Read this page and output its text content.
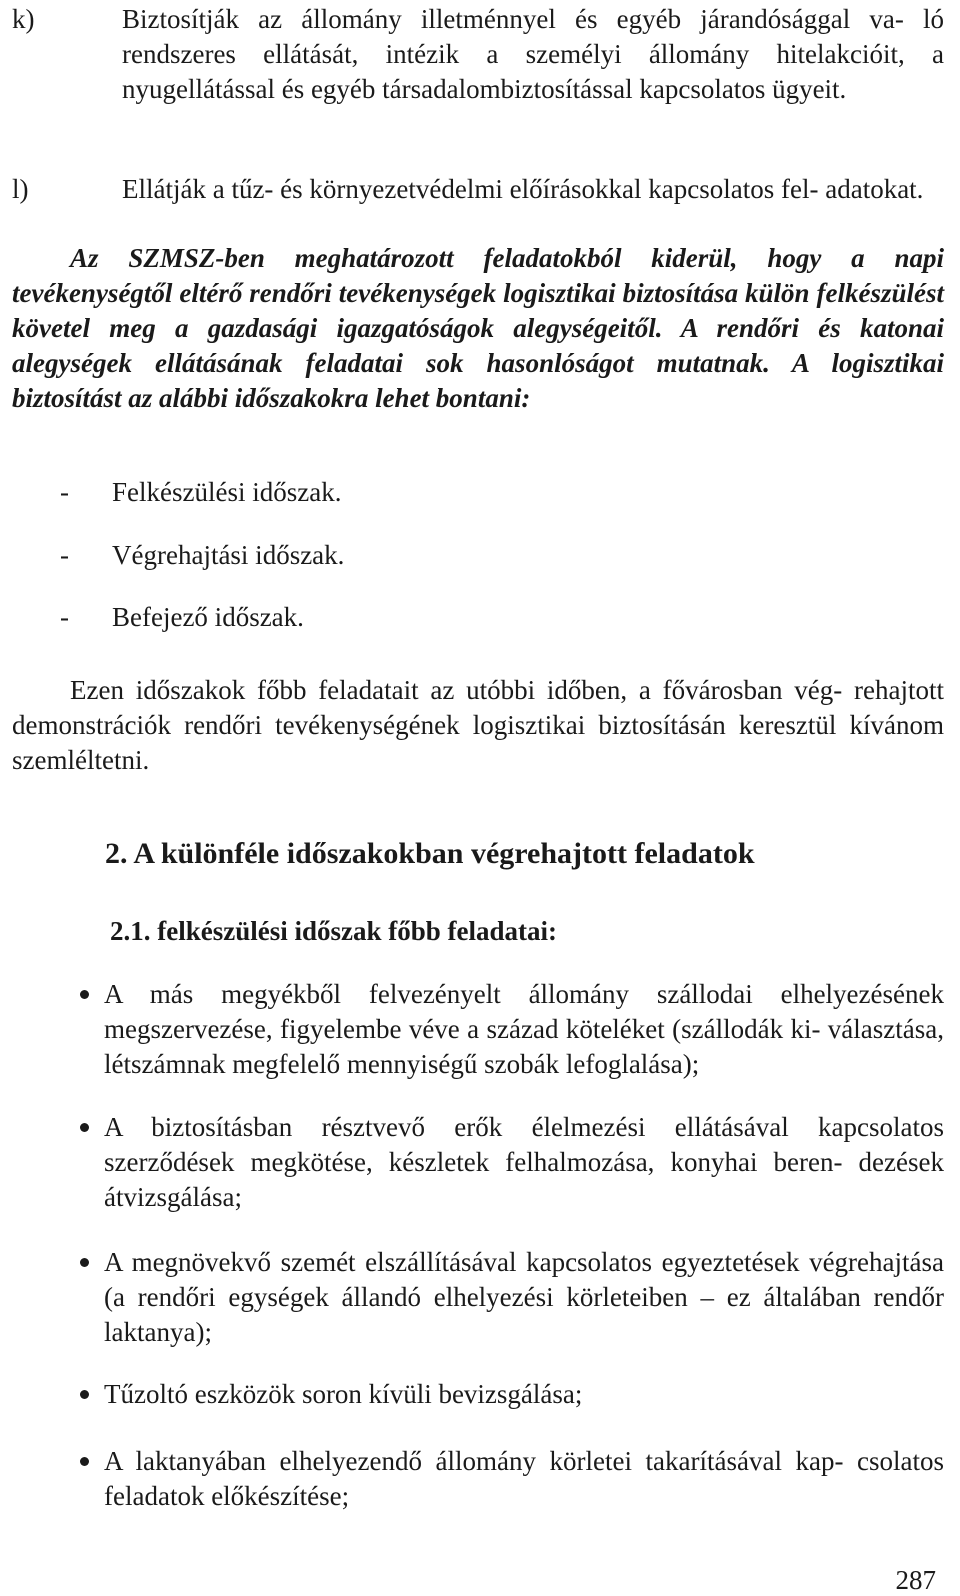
k)	Biztosítják az állomány illetménnyel és egyéb járandósággal va- ló rendszeres ellátását, intézik a személyi állomány hitelakcióit, a nyugellátással és egyéb társadalombiztosítással kapcsolatos ügyeit.
l)	Ellátják a tűz- és környezetvédelmi előírásokkal kapcsolatos fel- adatokat.
Az SZMSZ-ben meghatározott feladatokból kiderül, hogy a napi tevékenységtől eltérő rendőri tevékenységek logisztikai biztosítása külön felkészülést követel meg a gazdasági igazgatóságok alegységeitől. A rendőri és katonai alegységek ellátásának feladatai sok hasonlóságot mutatnak. A logisztikai biztosítást az alábbi időszakokra lehet bontani:
- Felkészülési időszak.
- Végrehajtási időszak.
- Befejező időszak.
Ezen időszakok főbb feladatait az utóbbi időben, a fővárosban vég- rehajtott demonstrációk rendőri tevékenységének logisztikai biztosításán keresztül kívánom szemléltetni.
2. A különféle időszakokban végrehajtott feladatok
2.1. felkészülési időszak főbb feladatai:
A más megyékből felvezényelt állomány szállodai elhelyezésének megszervezése, figyelembe véve a század köteléket (szállodák ki- választása, létszámnak megfelelő mennyiségű szobák lefoglalása);
A biztosításban résztvevő erők élelmezési ellátásával kapcsolatos szerződések megkötése, készletek felhalmozása, konyhai beren- dezések átvizsgálása;
A megnövekvő szemét elszállításával kapcsolatos egyeztetések végrehajtása (a rendőri egységek állandó elhelyezési körleteiben – ez általában rendőr laktanya);
Tűzoltó eszközök soron kívüli bevizsgálása;
A laktanyában elhelyezendő állomány körletei takarításával kap- csolatos feladatok előkészítése;
287
